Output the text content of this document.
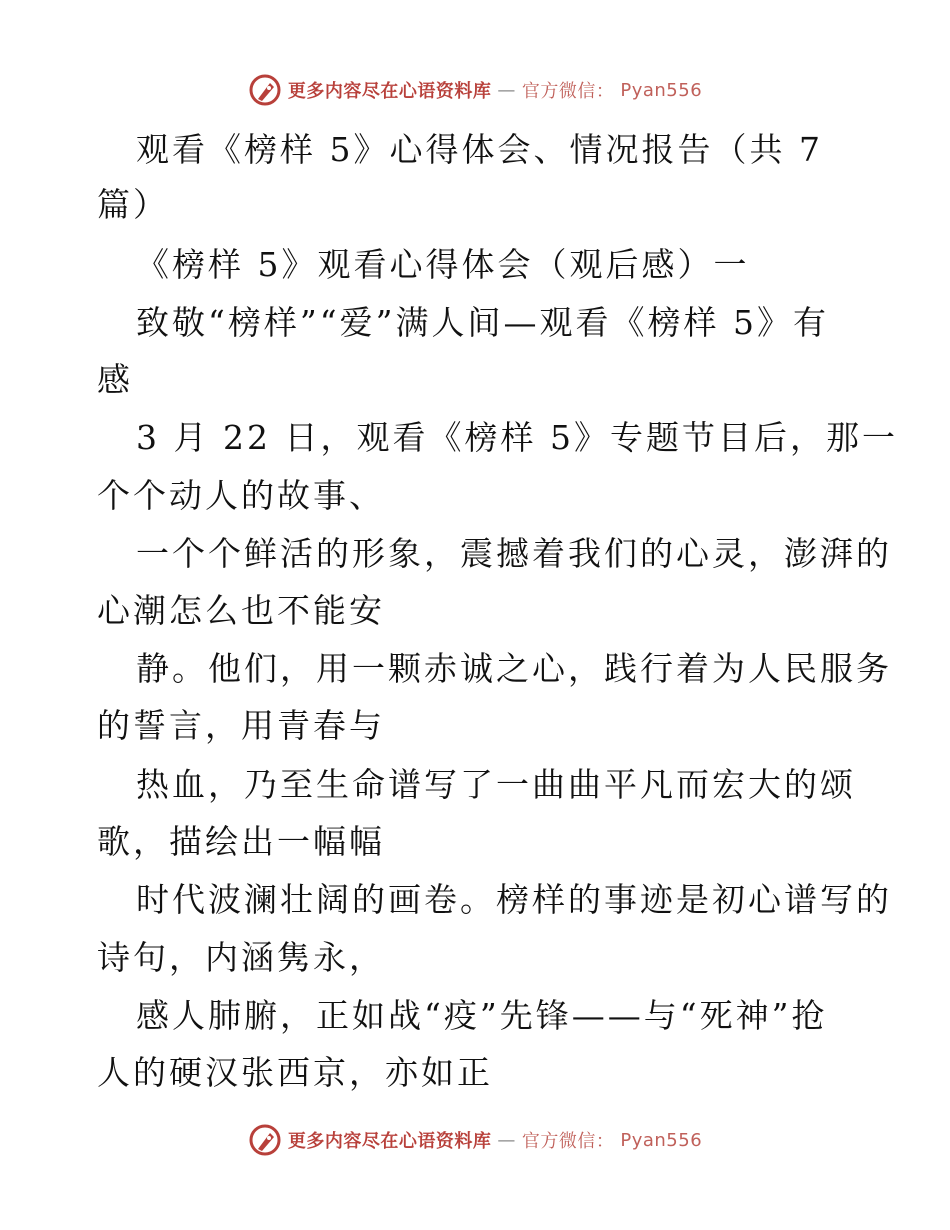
更多内容尽在心语资料库 — 官方微信： Pyan556
观看《榜样 5》心得体会、情况报告（共 7
篇）
《榜样 5》观看心得体会（观后感）一
致敬“榜样”“爱”满人间—观看《榜样 5》有
感
3 月 22 日，观看《榜样 5》专题节目后，那一
个个动人的故事、
一个个鲜活的形象，震撼着我们的心灵，澎湃的
心潮怎么也不能安
静。他们，用一颗赤诚之心，践行着为人民服务
的誓言，用青春与
热血，乃至生命谱写了一曲曲平凡而宏大的颂
歌，描绘出一幅幅
时代波澜壮阔的画卷。榜样的事迹是初心谱写的
诗句，内涵隽永，
感人肺腑，正如战“疫”先锋——与“死神”抢
人的硬汉张西京，亦如正
更多内容尽在心语资料库 — 官方微信： Pyan556
